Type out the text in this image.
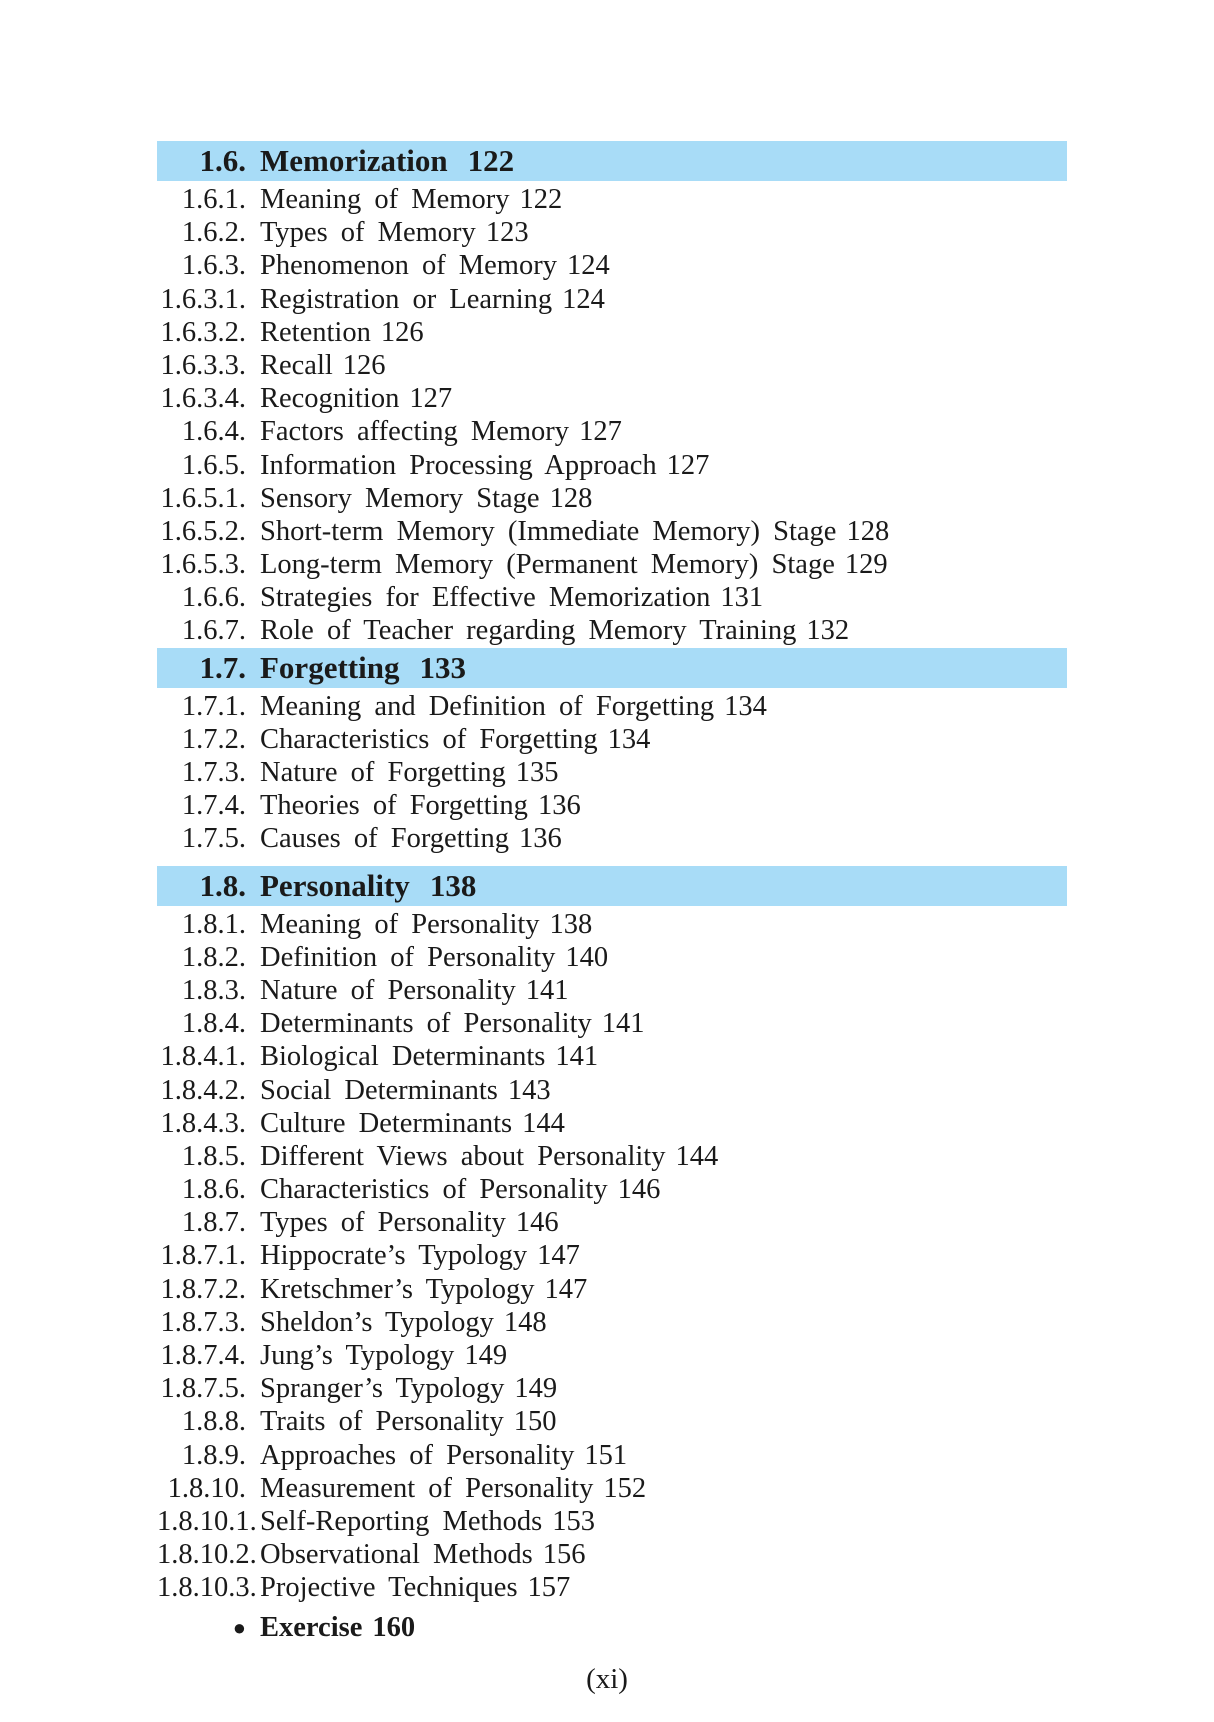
1.6. Memorization 122
1.6.1. Meaning of Memory 122
1.6.2. Types of Memory 123
1.6.3. Phenomenon of Memory 124
1.6.3.1. Registration or Learning 124
1.6.3.2. Retention 126
1.6.3.3. Recall 126
1.6.3.4. Recognition 127
1.6.4. Factors affecting Memory 127
1.6.5. Information Processing Approach 127
1.6.5.1. Sensory Memory Stage 128
1.6.5.2. Short-term Memory (Immediate Memory) Stage 128
1.6.5.3. Long-term Memory (Permanent Memory) Stage 129
1.6.6. Strategies for Effective Memorization 131
1.6.7. Role of Teacher regarding Memory Training 132
1.7. Forgetting 133
1.7.1. Meaning and Definition of Forgetting 134
1.7.2. Characteristics of Forgetting 134
1.7.3. Nature of Forgetting 135
1.7.4. Theories of Forgetting 136
1.7.5. Causes of Forgetting 136
1.8. Personality 138
1.8.1. Meaning of Personality 138
1.8.2. Definition of Personality 140
1.8.3. Nature of Personality 141
1.8.4. Determinants of Personality 141
1.8.4.1. Biological Determinants 141
1.8.4.2. Social Determinants 143
1.8.4.3. Culture Determinants 144
1.8.5. Different Views about Personality 144
1.8.6. Characteristics of Personality 146
1.8.7. Types of Personality 146
1.8.7.1. Hippocrate’s Typology 147
1.8.7.2. Kretschmer’s Typology 147
1.8.7.3. Sheldon’s Typology 148
1.8.7.4. Jung’s Typology 149
1.8.7.5. Spranger’s Typology 149
1.8.8. Traits of Personality 150
1.8.9. Approaches of Personality 151
1.8.10. Measurement of Personality 152
1.8.10.1. Self-Reporting Methods 153
1.8.10.2. Observational Methods 156
1.8.10.3. Projective Techniques 157
● Exercise 160
(xi)
